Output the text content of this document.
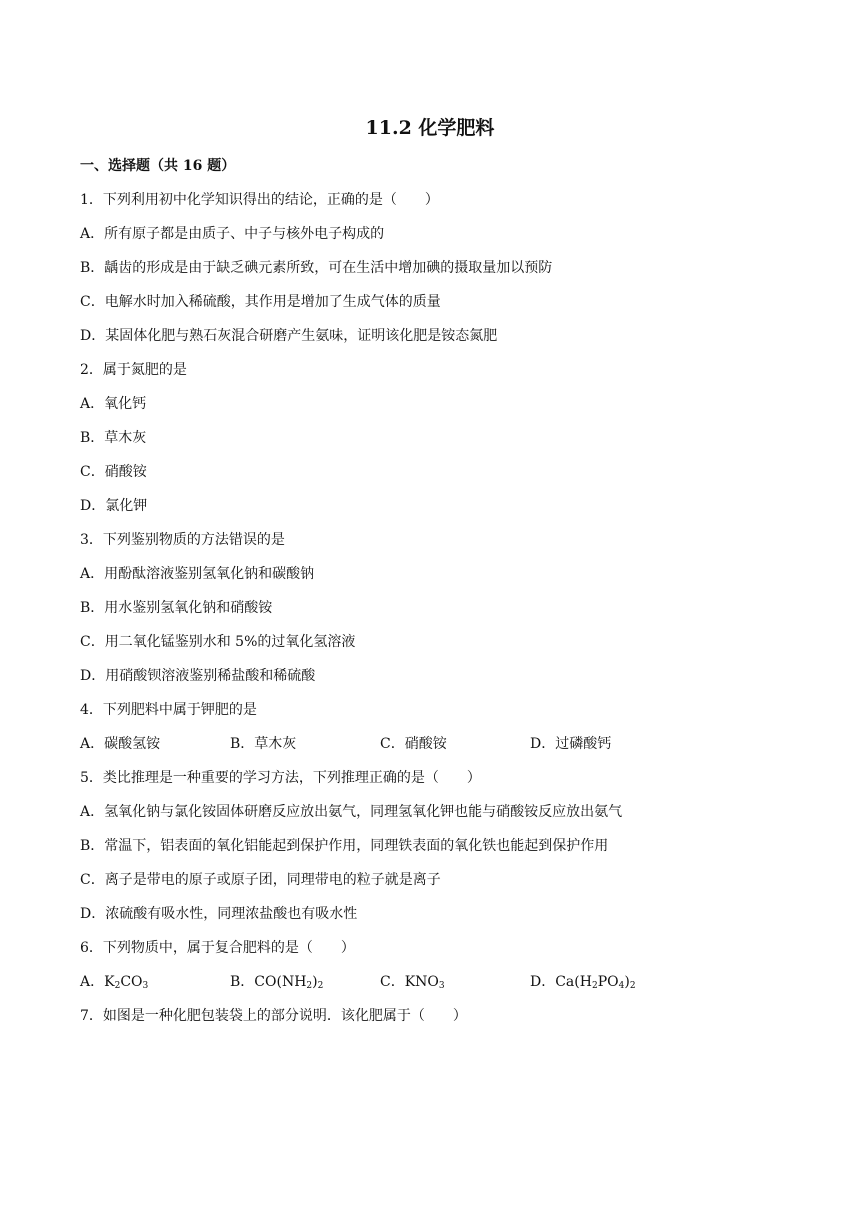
11.2 化学肥料
一、选择题（共 16 题）
1．下列利用初中化学知识得出的结论，正确的是（　　）
A．所有原子都是由质子、中子与核外电子构成的
B．龋齿的形成是由于缺乏碘元素所致，可在生活中增加碘的摄取量加以预防
C．电解水时加入稀硫酸，其作用是增加了生成气体的质量
D．某固体化肥与熟石灰混合研磨产生氨味，证明该化肥是铵态氮肥
2．属于氮肥的是
A．氧化钙
B．草木灰
C．硝酸铵
D．氯化钾
3．下列鉴别物质的方法错误的是
A．用酚酞溶液鉴别氢氧化钠和碳酸钠
B．用水鉴别氢氧化钠和硝酸铵
C．用二氧化锰鉴别水和 5%的过氧化氢溶液
D．用硝酸钡溶液鉴别稀盐酸和稀硫酸
4．下列肥料中属于钾肥的是
A．碳酸氢铵	B．草木灰	C．硝酸铵	D．过磷酸钙
5．类比推理是一种重要的学习方法，下列推理正确的是（　　）
A．氢氧化钠与氯化铵固体研磨反应放出氨气，同理氢氧化钾也能与硝酸铵反应放出氨气
B．常温下，铝表面的氧化铝能起到保护作用，同理铁表面的氧化铁也能起到保护作用
C．离子是带电的原子或原子团，同理带电的粒子就是离子
D．浓硫酸有吸水性，同理浓盐酸也有吸水性
6．下列物质中，属于复合肥料的是（　　）
A．$K_2CO_3$	B．$CO(NH_2)_2$	C．$KNO_3$	D．$Ca(H_2PO_4)_2$
7．如图是一种化肥包装袋上的部分说明．该化肥属于（　　）
